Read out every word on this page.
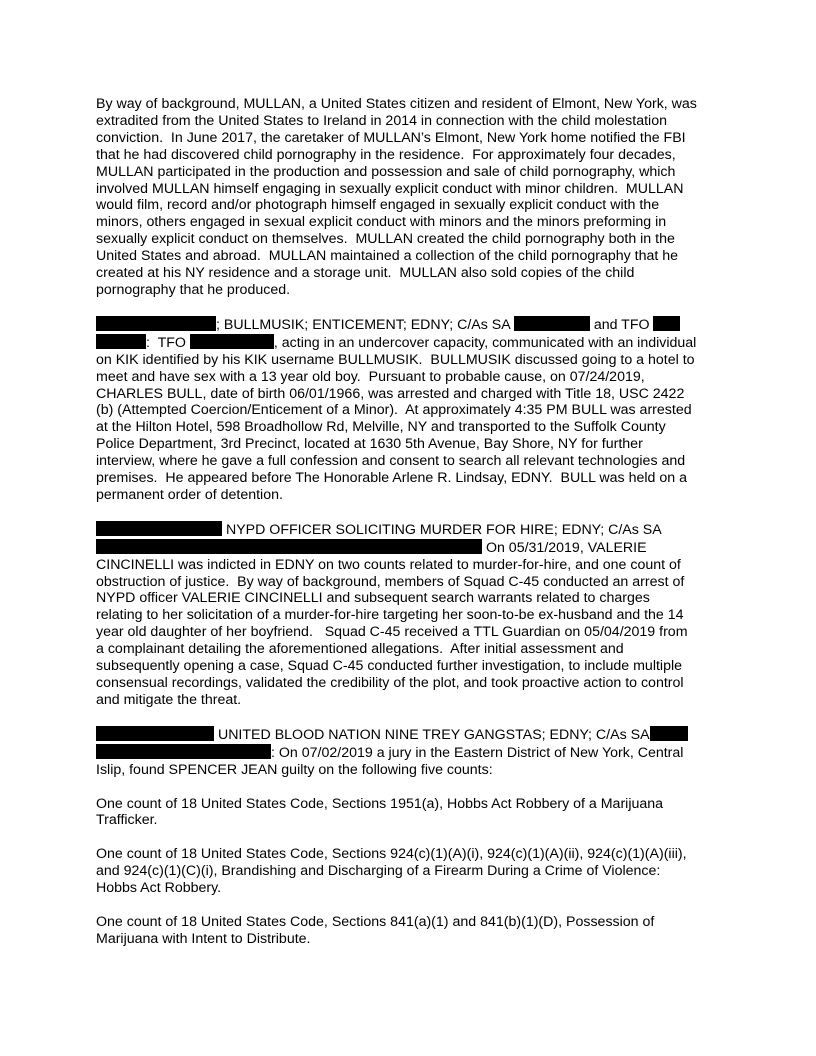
By way of background, MULLAN, a United States citizen and resident of Elmont, New York, was
extradited from the United States to Ireland in 2014 in connection with the child molestation
conviction.  In June 2017, the caretaker of MULLAN’s Elmont, New York home notified the FBI
that he had discovered child pornography in the residence.  For approximately four decades,
MULLAN participated in the production and possession and sale of child pornography, which
involved MULLAN himself engaging in sexually explicit conduct with minor children.  MULLAN
would film, record and/or photograph himself engaged in sexually explicit conduct with the
minors, others engaged in sexual explicit conduct with minors and the minors preforming in
sexually explicit conduct on themselves.  MULLAN created the child pornography both in the
United States and abroad.  MULLAN maintained a collection of the child pornography that he
created at his NY residence and a storage unit.  MULLAN also sold copies of the child
pornography that he produced.
; BULLMUSIK; ENTICEMENT; EDNY; C/As SA	and TFO
:  TFO	, acting in an undercover capacity, communicated with an individual
on KIK identified by his KIK username BULLMUSIK.  BULLMUSIK discussed going to a hotel to
meet and have sex with a 13 year old boy.  Pursuant to probable cause, on 07/24/2019,
CHARLES BULL, date of birth 06/01/1966, was arrested and charged with Title 18, USC 2422
(b) (Attempted Coercion/Enticement of a Minor).  At approximately 4:35 PM BULL was arrested
at the Hilton Hotel, 598 Broadhollow Rd, Melville, NY and transported to the Suffolk County
Police Department, 3rd Precinct, located at 1630 5th Avenue, Bay Shore, NY for further
interview, where he gave a full confession and consent to search all relevant technologies and
premises.  He appeared before The Honorable Arlene R. Lindsay, EDNY.  BULL was held on a
permanent order of detention.
NYPD OFFICER SOLICITING MURDER FOR HIRE; EDNY; C/As SA
On 05/31/2019, VALERIE
CINCINELLI was indicted in EDNY on two counts related to murder-for-hire, and one count of
obstruction of justice.  By way of background, members of Squad C-45 conducted an arrest of
NYPD officer VALERIE CINCINELLI and subsequent search warrants related to charges
relating to her solicitation of a murder-for-hire targeting her soon-to-be ex-husband and the 14
year old daughter of her boyfriend.   Squad C-45 received a TTL Guardian on 05/04/2019 from
a complainant detailing the aforementioned allegations.  After initial assessment and
subsequently opening a case, Squad C-45 conducted further investigation, to include multiple
consensual recordings, validated the credibility of the plot, and took proactive action to control
and mitigate the threat.
UNITED BLOOD NATION NINE TREY GANGSTAS; EDNY; C/As SA
: On 07/02/2019 a jury in the Eastern District of New York, Central
Islip, found SPENCER JEAN guilty on the following five counts:
One count of 18 United States Code, Sections 1951(a), Hobbs Act Robbery of a Marijuana
Trafficker.
One count of 18 United States Code, Sections 924(c)(1)(A)(i), 924(c)(1)(A)(ii), 924(c)(1)(A)(iii),
and 924(c)(1)(C)(i), Brandishing and Discharging of a Firearm During a Crime of Violence:
Hobbs Act Robbery.
One count of 18 United States Code, Sections 841(a)(1) and 841(b)(1)(D), Possession of
Marijuana with Intent to Distribute.
